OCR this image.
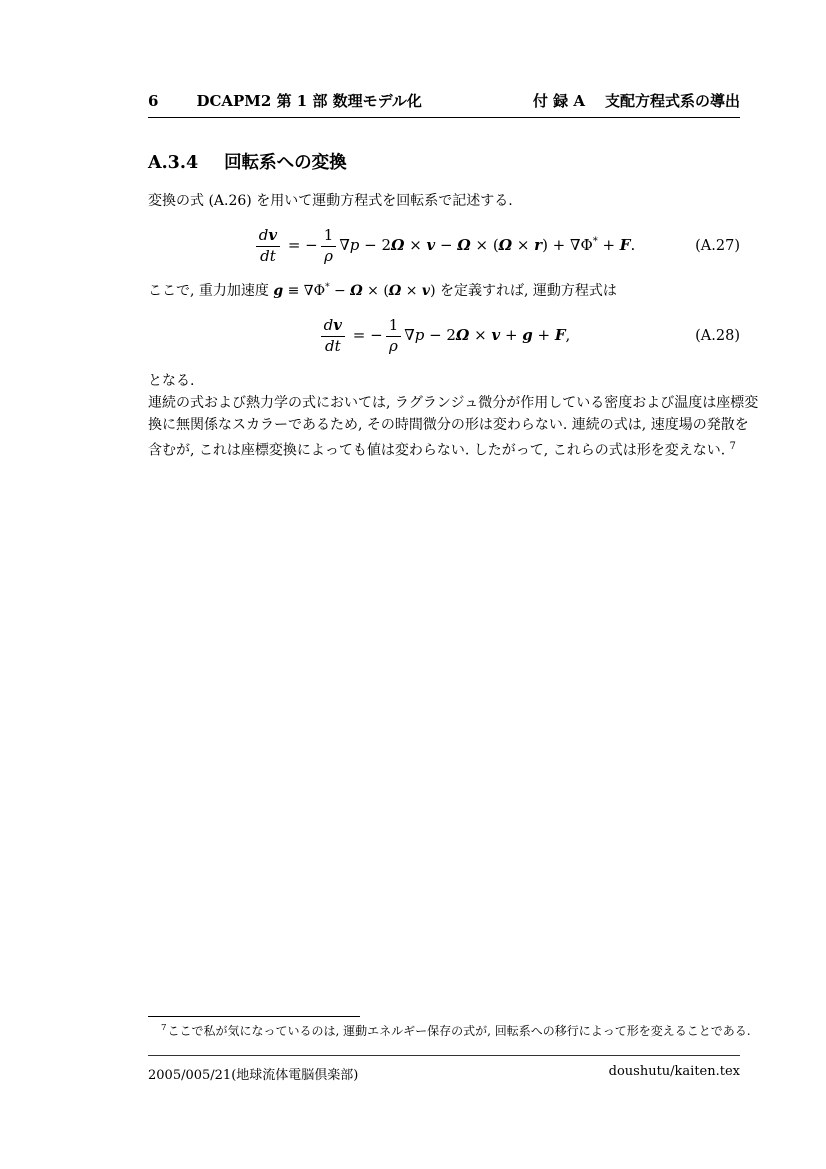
6	DCAPM2 第 1 部 数理モデル化	付 録 A 支配方程式系の導出
A.3.4 回転系への変換
変換の式 (A.26) を用いて運動方程式を回転系で記述する.
$\frac{dv}{dt}$ = − $\frac{1}{\rho} \nabla p - 2\Omega \times v - \Omega \times (\Omega \times r) + \nabla\Phi^* + F$.	(A.27)
ここで, 重力加速度 g ≡ ∇Φ* − Ω × (Ω × v) を定義すれば, 運動方程式は
$\frac{dv}{dt}$ = − $\frac{1}{\rho} \nabla p - 2\Omega \times v + g + F$,	(A.28)
となる.
連続の式および熱力学の式においては, ラグランジュ微分が作用している密度および温度は座標変
換に無関係なスカラーであるため, その時間微分の形は変わらない. 連続の式は, 速度場の発散を
含むが, これは座標変換によっても値は変わらない. したがって, これらの式は形を変えない. $^7$
$^7$ここで私が気になっているのは, 運動エネルギー保存の式が, 回転系への移行によって形を変えることである.
2005/005/21(地球流体電脳倶楽部)	doushutu/kaiten.tex
